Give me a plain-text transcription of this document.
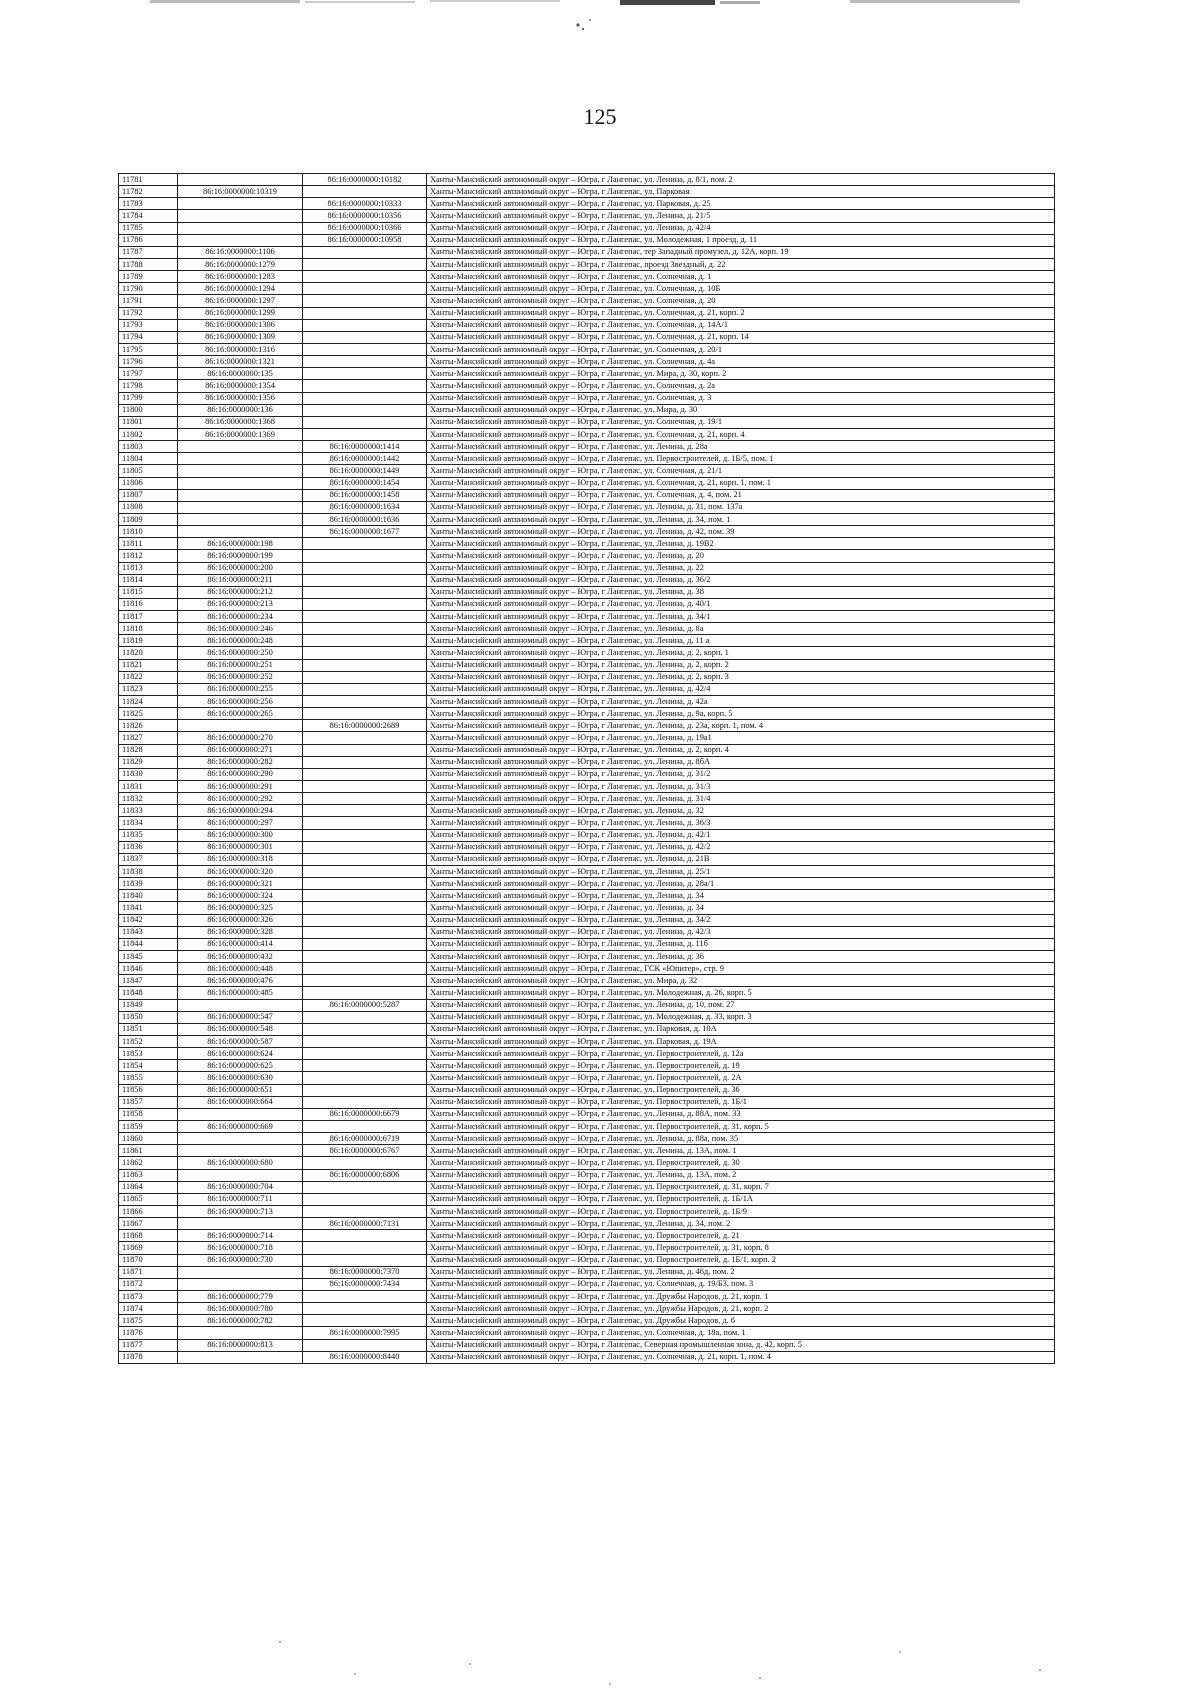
125
11781		86:16:0000000:10182	Ханты-Мансийский автономный округ – Югра, г Лангепас, ул. Ленина, д. 8/1, пом. 2
11782	86:16:0000000:10319		Ханты-Мансийский автономный округ – Югра, г Лангепас, ул. Парковая
11783		86:16:0000000:10333	Ханты-Мансийский автономный округ – Югра, г Лангепас, ул. Парковая, д. 25
11784		86:16:0000000:10356	Ханты-Мансийский автономный округ – Югра, г Лангепас, ул. Ленина, д. 21/5
11785		86:16:0000000:10366	Ханты-Мансийский автономный округ – Югра, г Лангепас, ул. Ленина, д. 42/4
11786		86:16:0000000:10958	Ханты-Мансийский автономный округ – Югра, г Лангепас, ул. Молодежная, 1 проезд, д. 11
11787	86:16:0000000:1106		Ханты-Мансийский автономный округ – Югра, г Лангепас, тер Западный промузел, д. 12А, корп. 19
11788	86:16:0000000:1279		Ханты-Мансийский автономный округ – Югра, г Лангепас, проезд Звездный, д. 22
11789	86:16:0000000:1283		Ханты-Мансийский автономный округ – Югра, г Лангепас, ул. Солнечная, д. 1
11790	86:16:0000000:1294		Ханты-Мансийский автономный округ – Югра, г Лангепас, ул. Солнечная, д. 10Б
11791	86:16:0000000:1297		Ханты-Мансийский автономный округ – Югра, г Лангепас, ул. Солнечная, д. 20
11792	86:16:0000000:1299		Ханты-Мансийский автономный округ – Югра, г Лангепас, ул. Солнечная, д. 21, корп. 2
11793	86:16:0000000:1306		Ханты-Мансийский автономный округ – Югра, г Лангепас, ул. Солнечная, д. 14А/1
11794	86:16:0000000:1309		Ханты-Мансийский автономный округ – Югра, г Лангепас, ул. Солнечная, д. 21, корп. 14
11795	86:16:0000000:1316		Ханты-Мансийский автономный округ – Югра, г Лангепас, ул. Солнечная, д. 20/1
11796	86:16:0000000:1321		Ханты-Мансийский автономный округ – Югра, г Лангепас, ул. Солнечная, д. 4а
11797	86:16:0000000:135		Ханты-Мансийский автономный округ – Югра, г Лангепас, ул. Мира, д. 30, корп. 2
11798	86:16:0000000:1354		Ханты-Мансийский автономный округ – Югра, г Лангепас, ул. Солнечная, д. 2а
11799	86:16:0000000:1356		Ханты-Мансийский автономный округ – Югра, г Лангепас, ул. Солнечная, д. 3
11800	86:16:0000000:136		Ханты-Мансийский автономный округ – Югра, г Лангепас, ул. Мира, д. 30
11801	86:16:0000000:1368		Ханты-Мансийский автономный округ – Югра, г Лангепас, ул. Солнечная, д. 19/1
11802	86:16:0000000:1369		Ханты-Мансийский автономный округ – Югра, г Лангепас, ул. Солнечная, д. 21, корп. 4
11803		86:16:0000000:1414	Ханты-Мансийский автономный округ – Югра, г Лангепас, ул. Ленина, д. 28а
11804		86:16:0000000:1442	Ханты-Мансийский автономный округ – Югра, г Лангепас, ул. Первостроителей, д. 1Б/5, пом. 1
11805		86:16:0000000:1449	Ханты-Мансийский автономный округ – Югра, г Лангепас, ул. Солнечная, д. 21/1
11806		86:16:0000000:1454	Ханты-Мансийский автономный округ – Югра, г Лангепас, ул. Солнечная, д. 21, корп. 1, пом. 1
11807		86:16:0000000:1458	Ханты-Мансийский автономный округ – Югра, г Лангепас, ул. Солнечная, д. 4, пом. 21
11808		86:16:0000000:1634	Ханты-Мансийский автономный округ – Югра, г Лангепас, ул. Ленина, д. 31, пом. 137а
11809		86:16:0000000:1636	Ханты-Мансийский автономный округ – Югра, г Лангепас, ул. Ленина, д. 34, пом. 1
11810		86:16:0000000:1677	Ханты-Мансийский автономный округ – Югра, г Лангепас, ул. Ленина, д. 42, пом. 39
11811	86:16:0000000:198		Ханты-Мансийский автономный округ – Югра, г Лангепас, ул. Ленина, д. 19В2
11812	86:16:0000000:199		Ханты-Мансийский автономный округ – Югра, г Лангепас, ул. Ленина, д. 20
11813	86:16:0000000:200		Ханты-Мансийский автономный округ – Югра, г Лангепас, ул. Ленина, д. 22
11814	86:16:0000000:211		Ханты-Мансийский автономный округ – Югра, г Лангепас, ул. Ленина, д. 36/2
11815	86:16:0000000:212		Ханты-Мансийский автономный округ – Югра, г Лангепас, ул. Ленина, д. 38
11816	86:16:0000000:213		Ханты-Мансийский автономный округ – Югра, г Лангепас, ул. Ленина, д. 40/1
11817	86:16:0000000:234		Ханты-Мансийский автономный округ – Югра, г Лангепас, ул. Ленина, д. 34/1
11818	86:16:0000000:246		Ханты-Мансийский автономный округ – Югра, г Лангепас, ул. Ленина, д. 8а
11819	86:16:0000000:248		Ханты-Мансийский автономный округ – Югра, г Лангепас, ул. Ленина, д. 11 а
11820	86:16:0000000:250		Ханты-Мансийский автономный округ – Югра, г Лангепас, ул. Ленина, д. 2, корп. 1
11821	86:16:0000000:251		Ханты-Мансийский автономный округ – Югра, г Лангепас, ул. Ленина, д. 2, корп. 2
11822	86:16:0000000:252		Ханты-Мансийский автономный округ – Югра, г Лангепас, ул. Ленина, д. 2, корп. 3
11823	86:16:0000000:255		Ханты-Мансийский автономный округ – Югра, г Лангепас, ул. Ленина, д. 42/4
11824	86:16:0000000:256		Ханты-Мансийский автономный округ – Югра, г Лангепас, ул. Ленина, д. 42а
11825	86:16:0000000:265		Ханты-Мансийский автономный округ – Югра, г Лангепас, ул. Ленина, д. 9а, корп. 5
11826		86:16:0000000:2689	Ханты-Мансийский автономный округ – Югра, г Лангепас, ул. Ленина, д. 23а, корп. 1, пом. 4
11827	86:16:0000000:270		Ханты-Мансийский автономный округ – Югра, г Лангепас, ул. Ленина, д. 19а1
11828	86:16:0000000:271		Ханты-Мансийский автономный округ – Югра, г Лангепас, ул. Ленина, д. 2, корп. 4
11829	86:16:0000000:282		Ханты-Мансийский автономный округ – Югра, г Лангепас, ул. Ленина, д. 8бА
11830	86:16:0000000:290		Ханты-Мансийский автономный округ – Югра, г Лангепас, ул. Ленина, д. 31/2
11831	86:16:0000000:291		Ханты-Мансийский автономный округ – Югра, г Лангепас, ул. Ленина, д. 31/3
11832	86:16:0000000:292		Ханты-Мансийский автономный округ – Югра, г Лангепас, ул. Ленина, д. 31/4
11833	86:16:0000000:294		Ханты-Мансийский автономный округ – Югра, г Лангепас, ул. Ленина, д. 32
11834	86:16:0000000:297		Ханты-Мансийский автономный округ – Югра, г Лангепас, ул. Ленина, д. 36/3
11835	86:16:0000000:300		Ханты-Мансийский автономный округ – Югра, г Лангепас, ул. Ленина, д. 42/1
11836	86:16:0000000:301		Ханты-Мансийский автономный округ – Югра, г Лангепас, ул. Ленина, д. 42/2
11837	86:16:0000000:318		Ханты-Мансийский автономный округ – Югра, г Лангепас, ул. Ленина, д. 21В
11838	86:16:0000000:320		Ханты-Мансийский автономный округ – Югра, г Лангепас, ул. Ленина, д. 25/1
11839	86:16:0000000:321		Ханты-Мансийский автономный округ – Югра, г Лангепас, ул. Ленина, д. 28а/1
11840	86:16:0000000:324		Ханты-Мансийский автономный округ – Югра, г Лангепас, ул. Ленина, д. 34
11841	86:16:0000000:325		Ханты-Мансийский автономный округ – Югра, г Лангепас, ул. Ленина, д. 34
11842	86:16:0000000:326		Ханты-Мансийский автономный округ – Югра, г Лангепас, ул. Ленина, д. 34/2
11843	86:16:0000000:328		Ханты-Мансийский автономный округ – Югра, г Лангепас, ул. Ленина, д. 42/3
11844	86:16:0000000:414		Ханты-Мансийский автономный округ – Югра, г Лангепас, ул. Ленина, д. 11б
11845	86:16:0000000:432		Ханты-Мансийский автономный округ – Югра, г Лангепас, ул. Ленина, д. 36
11846	86:16:0000000:448		Ханты-Мансийский автономный округ – Югра, г Лангепас, ГСК «Юпитер», стр. 9
11847	86:16:0000000:476		Ханты-Мансийский автономный округ – Югра, г Лангепас, ул. Мира, д. 32
11848	86:16:0000000:485		Ханты-Мансийский автономный округ – Югра, г Лангепас, ул. Молодежная, д. 26, корп. 5
11849		86:16:0000000:5287	Ханты-Мансийский автономный округ – Югра, г Лангепас, ул. Ленина, д. 10, пом. 27
11850	86:16:0000000:547		Ханты-Мансийский автономный округ – Югра, г Лангепас, ул. Молодежная, д. 33, корп. 3
11851	86:16:0000000:548		Ханты-Мансийский автономный округ – Югра, г Лангепас, ул. Парковая, д. 10А
11852	86:16:0000000:587		Ханты-Мансийский автономный округ – Югра, г Лангепас, ул. Парковая, д. 19А
11853	86:16:0000000:624		Ханты-Мансийский автономный округ – Югра, г Лангепас, ул. Первостроителей, д. 12а
11854	86:16:0000000:625		Ханты-Мансийский автономный округ – Югра, г Лангепас, ул. Первостроителей, д. 19
11855	86:16:0000000:630		Ханты-Мансийский автономный округ – Югра, г Лангепас, ул. Первостроителей, д. 2А
11856	86:16:0000000:651		Ханты-Мансийский автономный округ – Югра, г Лангепас, ул. Первостроителей, д. 36
11857	86:16:0000000:664		Ханты-Мансийский автономный округ – Югра, г Лангепас, ул. Первостроителей, д. 1Б/1
11858		86:16:0000000:6679	Ханты-Мансийский автономный округ – Югра, г Лангепас, ул. Ленина, д. 88А, пом. 33
11859	86:16:0000000:669		Ханты-Мансийский автономный округ – Югра, г Лангепас, ул. Первостроителей, д. 31, корп. 5
11860		86:16:0000000:6719	Ханты-Мансийский автономный округ – Югра, г Лангепас, ул. Ленина, д. 88а, пом. 35
11861		86:16:0000000:6767	Ханты-Мансийский автономный округ – Югра, г Лангепас, ул. Ленина, д. 13А, пом. 1
11862	86:16:0000000:680		Ханты-Мансийский автономный округ – Югра, г Лангепас, ул. Первостроителей, д. 30
11863		86:16:0000000:6806	Ханты-Мансийский автономный округ – Югра, г Лангепас, ул. Ленина, д. 13А, пом. 2
11864	86:16:0000000:704		Ханты-Мансийский автономный округ – Югра, г Лангепас, ул. Первостроителей, д. 31, корп. 7
11865	86:16:0000000:711		Ханты-Мансийский автономный округ – Югра, г Лангепас, ул. Первостроителей, д. 1Б/1А
11866	86:16:0000000:713		Ханты-Мансийский автономный округ – Югра, г Лангепас, ул. Первостроителей, д. 1Б/9
11867		86:16:0000000:7131	Ханты-Мансийский автономный округ – Югра, г Лангепас, ул. Ленина, д. 34, пом. 2
11868	86:16:0000000:714		Ханты-Мансийский автономный округ – Югра, г Лангепас, ул. Первостроителей, д. 21
11869	86:16:0000000:718		Ханты-Мансийский автономный округ – Югра, г Лангепас, ул. Первостроителей, д. 31, корп. 8
11870	86:16:0000000:730		Ханты-Мансийский автономный округ – Югра, г Лангепас, ул. Первостроителей, д. 1Б/1, корп. 2
11871		86:16:0000000:7370	Ханты-Мансийский автономный округ – Югра, г Лангепас, ул. Ленина, д. 46д, пом. 2
11872		86:16:0000000:7434	Ханты-Мансийский автономный округ – Югра, г Лангепас, ул. Солнечная, д. 19/Б3, пом. 3
11873	86:16:0000000:779		Ханты-Мансийский автономный округ – Югра, г Лангепас, ул. Дружбы Народов, д. 21, корп. 1
11874	86:16:0000000:780		Ханты-Мансийский автономный округ – Югра, г Лангепас, ул. Дружбы Народов, д. 21, корп. 2
11875	86:16:0000000:782		Ханты-Мансийский автономный округ – Югра, г Лангепас, ул. Дружбы Народов, д. 6
11876		86:16:0000000:7995	Ханты-Мансийский автономный округ – Югра, г Лангепас, ул. Солнечная, д. 18а, пом. 1
11877	86:16:0000000:813		Ханты-Мансийский автономный округ – Югра, г Лангепас, Северная промышленная зона, д. 42, корп. 5
11878		86:16:0000000:8440	Ханты-Мансийский автономный округ – Югра, г Лангепас, ул. Солнечная, д. 21, корп. 1, пом. 4
